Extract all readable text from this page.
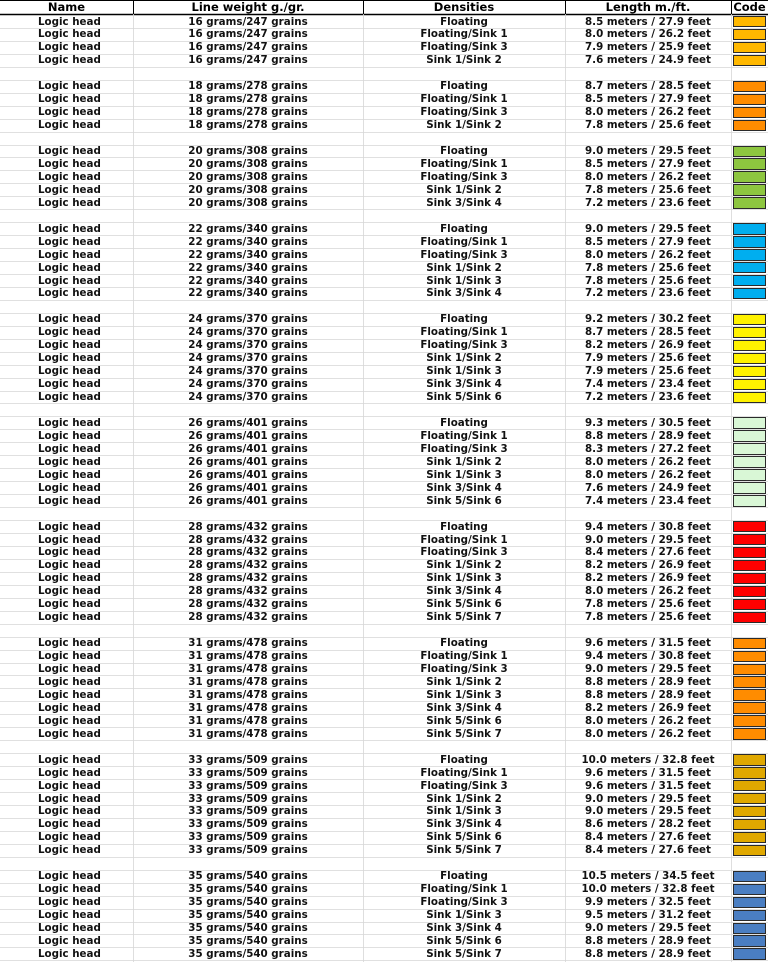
Name	Line weight g./gr.	Densities	Length m./ft.	Code
Logic head	16 grams/247 grains	Floating	8.5 meters / 27.9 feet
Logic head	16 grams/247 grains	Floating/Sink 1	8.0 meters / 26.2 feet
Logic head	16 grams/247 grains	Floating/Sink 3	7.9 meters / 25.9 feet
Logic head	16 grams/247 grains	Sink 1/Sink 2	7.6 meters / 24.9 feet
Logic head	18 grams/278 grains	Floating	8.7 meters / 28.5 feet
Logic head	18 grams/278 grains	Floating/Sink 1	8.5 meters / 27.9 feet
Logic head	18 grams/278 grains	Floating/Sink 3	8.0 meters / 26.2 feet
Logic head	18 grams/278 grains	Sink 1/Sink 2	7.8 meters / 25.6 feet
Logic head	20 grams/308 grains	Floating	9.0 meters / 29.5 feet
Logic head	20 grams/308 grains	Floating/Sink 1	8.5 meters / 27.9 feet
Logic head	20 grams/308 grains	Floating/Sink 3	8.0 meters / 26.2 feet
Logic head	20 grams/308 grains	Sink 1/Sink 2	7.8 meters / 25.6 feet
Logic head	20 grams/308 grains	Sink 3/Sink 4	7.2 meters / 23.6 feet
Logic head	22 grams/340 grains	Floating	9.0 meters / 29.5 feet
Logic head	22 grams/340 grains	Floating/Sink 1	8.5 meters / 27.9 feet
Logic head	22 grams/340 grains	Floating/Sink 3	8.0 meters / 26.2 feet
Logic head	22 grams/340 grains	Sink 1/Sink 2	7.8 meters / 25.6 feet
Logic head	22 grams/340 grains	Sink 1/Sink 3	7.8 meters / 25.6 feet
Logic head	22 grams/340 grains	Sink 3/Sink 4	7.2 meters / 23.6 feet
Logic head	24 grams/370 grains	Floating	9.2 meters / 30.2 feet
Logic head	24 grams/370 grains	Floating/Sink 1	8.7 meters / 28.5 feet
Logic head	24 grams/370 grains	Floating/Sink 3	8.2 meters / 26.9 feet
Logic head	24 grams/370 grains	Sink 1/Sink 2	7.9 meters / 25.6 feet
Logic head	24 grams/370 grains	Sink 1/Sink 3	7.9 meters / 25.6 feet
Logic head	24 grams/370 grains	Sink 3/Sink 4	7.4 meters / 23.4 feet
Logic head	24 grams/370 grains	Sink 5/Sink 6	7.2 meters / 23.6 feet
Logic head	26 grams/401 grains	Floating	9.3 meters / 30.5 feet
Logic head	26 grams/401 grains	Floating/Sink 1	8.8 meters / 28.9 feet
Logic head	26 grams/401 grains	Floating/Sink 3	8.3 meters / 27.2 feet
Logic head	26 grams/401 grains	Sink 1/Sink 2	8.0 meters / 26.2 feet
Logic head	26 grams/401 grains	Sink 1/Sink 3	8.0 meters / 26.2 feet
Logic head	26 grams/401 grains	Sink 3/Sink 4	7.6 meters / 24.9 feet
Logic head	26 grams/401 grains	Sink 5/Sink 6	7.4 meters / 23.4 feet
Logic head	28 grams/432 grains	Floating	9.4 meters / 30.8 feet
Logic head	28 grams/432 grains	Floating/Sink 1	9.0 meters / 29.5 feet
Logic head	28 grams/432 grains	Floating/Sink 3	8.4 meters / 27.6 feet
Logic head	28 grams/432 grains	Sink 1/Sink 2	8.2 meters / 26.9 feet
Logic head	28 grams/432 grains	Sink 1/Sink 3	8.2 meters / 26.9 feet
Logic head	28 grams/432 grains	Sink 3/Sink 4	8.0 meters / 26.2 feet
Logic head	28 grams/432 grains	Sink 5/Sink 6	7.8 meters / 25.6 feet
Logic head	28 grams/432 grains	Sink 5/Sink 7	7.8 meters / 25.6 feet
Logic head	31 grams/478 grains	Floating	9.6 meters / 31.5 feet
Logic head	31 grams/478 grains	Floating/Sink 1	9.4 meters / 30.8 feet
Logic head	31 grams/478 grains	Floating/Sink 3	9.0 meters / 29.5 feet
Logic head	31 grams/478 grains	Sink 1/Sink 2	8.8 meters / 28.9 feet
Logic head	31 grams/478 grains	Sink 1/Sink 3	8.8 meters / 28.9 feet
Logic head	31 grams/478 grains	Sink 3/Sink 4	8.2 meters / 26.9 feet
Logic head	31 grams/478 grains	Sink 5/Sink 6	8.0 meters / 26.2 feet
Logic head	31 grams/478 grains	Sink 5/Sink 7	8.0 meters / 26.2 feet
Logic head	33 grams/509 grains	Floating	10.0 meters / 32.8 feet
Logic head	33 grams/509 grains	Floating/Sink 1	9.6 meters / 31.5 feet
Logic head	33 grams/509 grains	Floating/Sink 3	9.6 meters / 31.5 feet
Logic head	33 grams/509 grains	Sink 1/Sink 2	9.0 meters / 29.5 feet
Logic head	33 grams/509 grains	Sink 1/Sink 3	9.0 meters / 29.5 feet
Logic head	33 grams/509 grains	Sink 3/Sink 4	8.6 meters / 28.2 feet
Logic head	33 grams/509 grains	Sink 5/Sink 6	8.4 meters / 27.6 feet
Logic head	33 grams/509 grains	Sink 5/Sink 7	8.4 meters / 27.6 feet
Logic head	35 grams/540 grains	Floating	10.5 meters / 34.5 feet
Logic head	35 grams/540 grains	Floating/Sink 1	10.0 meters / 32.8 feet
Logic head	35 grams/540 grains	Floating/Sink 3	9.9 meters / 32.5 feet
Logic head	35 grams/540 grains	Sink 1/Sink 3	9.5 meters / 31.2 feet
Logic head	35 grams/540 grains	Sink 3/Sink 4	9.0 meters / 29.5 feet
Logic head	35 grams/540 grains	Sink 5/Sink 6	8.8 meters / 28.9 feet
Logic head	35 grams/540 grains	Sink 5/Sink 7	8.8 meters / 28.9 feet
